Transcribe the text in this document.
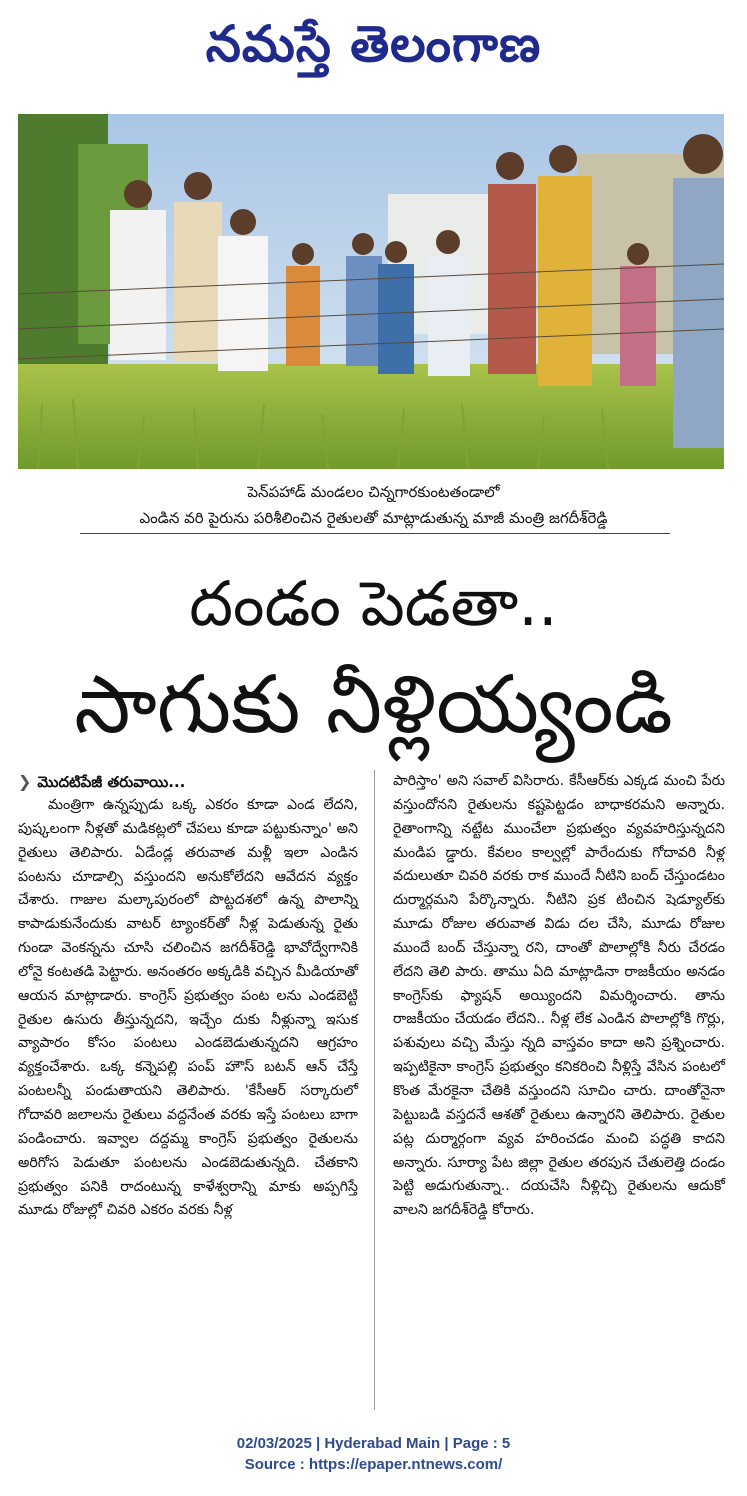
నమస్తే తెలంగాణ
పెన్‌పహాడ్ మండలం చిన్నగారకుంటతండాలో
ఎండిన వరి పైరును పరిశీలించిన రైతులతో మాట్లాడుతున్న మాజీ మంత్రి జగదీశ్‌రెడ్డి
దండం పెడతా..
సాగుకు నీళ్లియ్యండి
❯ మొదటిపేజీ తరువాయి...

మంత్రిగా ఉన్నప్పుడు ఒక్క ఎకరం కూడా ఎండ లేదని, పుష్కలంగా నీళ్లతో మడికట్లలో చేపలు కూడా పట్టుకున్నాం' అని రైతులు తెలిపారు. ఏడేండ్ల తరువాత మళ్లీ ఇలా ఎండిన పంటను చూడాల్సి వస్తుందని అనుకోలేదని ఆవేదన వ్యక్తం చేశారు. గాజుల మల్కాపురంలో పొట్టదశలో ఉన్న పొలాన్ని కాపాడుకునేందుకు వాటర్ ట్యాంకర్‌తో నీళ్ల పెడుతున్న రైతు గుండా వెంకన్నను చూసి చలించిన జగదీశ్‌రెడ్డి భావోద్వేగానికి లోనై కంటతడి పెట్టారు. అనంతరం అక్కడికి వచ్చిన మీడియాతో ఆయన మాట్లాడారు. కాంగ్రెస్ ప్రభుత్వం పంట లను ఎండబెట్టి రైతుల ఉసురు తీస్తున్నదని, ఇచ్చేం దుకు నీళ్లున్నా ఇసుక వ్యాపారం కోసం పంటలు ఎండబెడుతున్నదని ఆగ్రహం వ్యక్తంచేశారు. ఒక్క కన్నెపల్లి పంప్ హౌస్ బటన్ ఆన్ చేస్తే పంటలన్నీ పండుతాయని తెలిపారు. 'కేసీఆర్ సర్కారులో గోదావరి జలాలను రైతులు వద్దనేంత వరకు ఇస్తే పంటలు బాగా పండించారు. ఇవ్వాల దద్దమ్మ కాంగ్రెస్ ప్రభుత్వం రైతులను అరిగోస పెడుతూ పంటలను ఎండబెడుతున్నది. చేతకాని ప్రభుత్వం పనికి రాదంటున్న కాళేశ్వరాన్ని మాకు అప్పగిస్తే మూడు రోజుల్లో చివరి ఎకరం వరకు నీళ్ల

పారిస్తాం' అని సవాల్ విసిరారు. కేసీఆర్‌కు ఎక్కడ మంచి పేరు వస్తుందోనని రైతులను కష్టపెట్టడం బాధాకరమని అన్నారు. రైతాంగాన్ని నట్టేట ముంచేలా ప్రభుత్వం వ్యవహరిస్తున్నదని మండిప డ్డారు. కేవలం కాల్వల్లో పారేందుకు గోదావరి నీళ్ల వదులుతూ చివరి వరకు రాక ముందే నీటిని బంద్ చేస్తుండటం దుర్మార్గమని పేర్కొన్నారు. నీటిని ప్రక టించిన షెడ్యూల్‌కు మూడు రోజుల తరువాత విడు దల చేసి, మూడు రోజుల ముందే బంద్ చేస్తున్నా రని, దాంతో పొలాల్లోకి నీరు చేరడం లేదని తెలి పారు. తాము ఏది మాట్లాడినా రాజకీయం అనడం కాంగ్రెస్‌కు ఫ్యాషన్ అయ్యిందని విమర్శించారు. తాను రాజకీయం చేయడం లేదని.. నీళ్ల లేక ఎండిన పొలాల్లోకి గొర్లు, పశువులు వచ్చి మేస్తు న్నది వాస్తవం కాదా అని ప్రశ్నించారు. ఇప్పటికైనా కాంగ్రెస్ ప్రభుత్వం కనికరించి నీళ్లిస్తే వేసిన పంటలో కొంత మేరకైనా చేతికి వస్తుందని సూచిం చారు. దాంతోనైనా పెట్టుబడి వస్తదనే ఆశతో రైతులు ఉన్నారని తెలిపారు. రైతుల పట్ల దుర్మార్గంగా వ్యవ హరించడం మంచి పద్ధతి కాదని అన్నారు. సూర్యా పేట జిల్లా రైతుల తరపున చేతులెత్తి దండం పెట్టి అడుగుతున్నా.. దయచేసి నీళ్లిచ్చి రైతులను ఆదుకో వాలని జగదీశ్‌రెడ్డి కోరారు.

02/03/2025 | Hyderabad Main | Page : 5
Source : https://epaper.ntnews.com/
